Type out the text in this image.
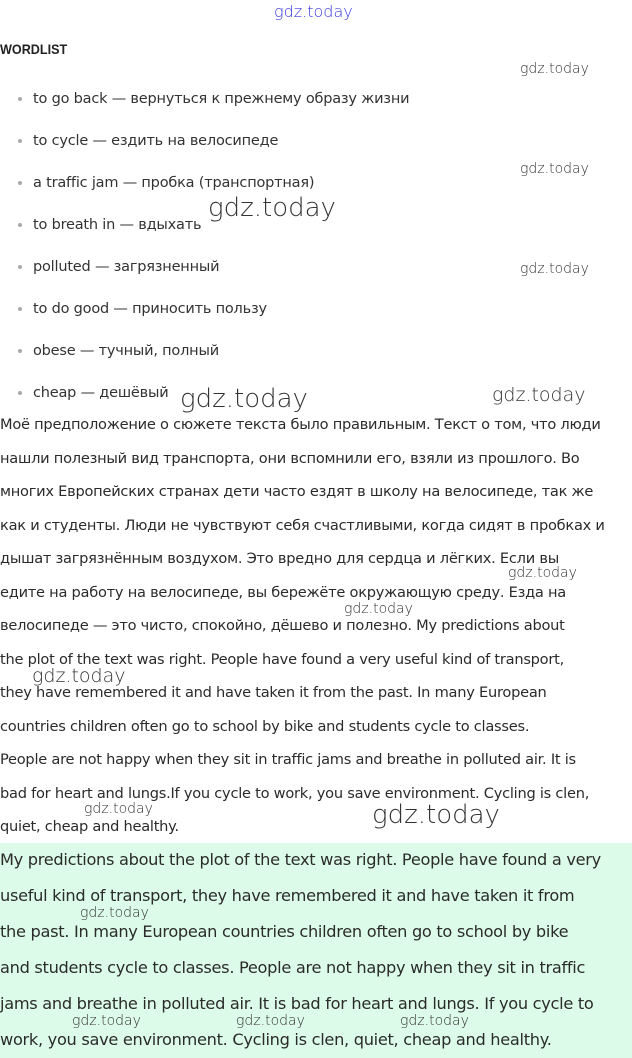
gdz.today
WORDLIST
to go back — вернуться к прежнему образу жизни
to cycle — ездить на велосипеде
a traffic jam — пробка (транспортная)
to breath in — вдыхать
polluted — загрязненный
to do good — приносить пользу
obese — тучный, полный
cheap — дешёвый
Моё предположение о сюжете текста было правильным. Текст о том, что люди
нашли полезный вид транспорта, они вспомнили его, взяли из прошлого. Во
многих Европейских странах дети часто ездят в школу на велосипеде, так же
как и студенты. Люди не чувствуют себя счастливыми, когда сидят в пробках и
дышат загрязнённым воздухом. Это вредно для сердца и лёгких. Если вы
едите на работу на велосипеде, вы бережёте окружающую среду. Езда на
велосипеде — это чисто, спокойно, дёшево и полезно. My predictions about
the plot of the text was right. People have found a very useful kind of transport,
they have remembered it and have taken it from the past. In many European
countries children often go to school by bike and students cycle to classes.
People are not happy when they sit in traffic jams and breathe in polluted air. It is
bad for heart and lungs.If you cycle to work, you save environment. Cycling is clen,
quiet, cheap and healthy.
My predictions about the plot of the text was right. People have found a very
useful kind of transport, they have remembered it and have taken it from
the past. In many European countries children often go to school by bike
and students cycle to classes. People are not happy when they sit in traffic
jams and breathe in polluted air. It is bad for heart and lungs. If you cycle to
work, you save environment. Cycling is clen, quiet, cheap and healthy.
gdz.today
gdz.today
gdz.today
gdz.today
gdz.today	gdz.today
gdz.today
gdz.today
gdz.today
gdz.today	gdz.today
gdz.today
gdz.today	gdz.today	gdz.today
